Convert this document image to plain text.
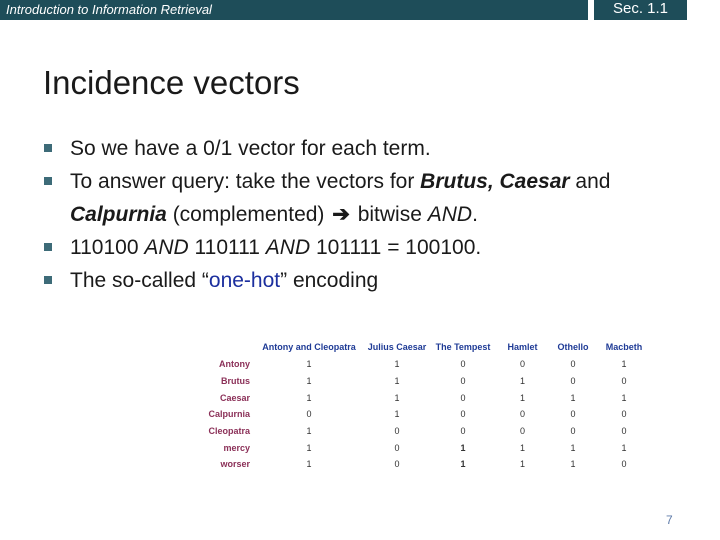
Introduction to Information Retrieval	Sec. 1.1
Incidence vectors
So we have a 0/1 vector for each term.
To answer query: take the vectors for Brutus, Caesar and Calpurnia (complemented) ➔ bitwise AND.
110100 AND 110111 AND 101111 = 100100.
The so-called “one-hot” encoding
	Antony and Cleopatra	Julius Caesar	The Tempest	Hamlet	Othello	Macbeth
Antony	1	1	0	0	0	1
Brutus	1	1	0	1	0	0
Caesar	1	1	0	1	1	1
Calpurnia	0	1	0	0	0	0
Cleopatra	1	0	0	0	0	0
mercy	1	0	1	1	1	1
worser	1	0	1	1	1	0
7
